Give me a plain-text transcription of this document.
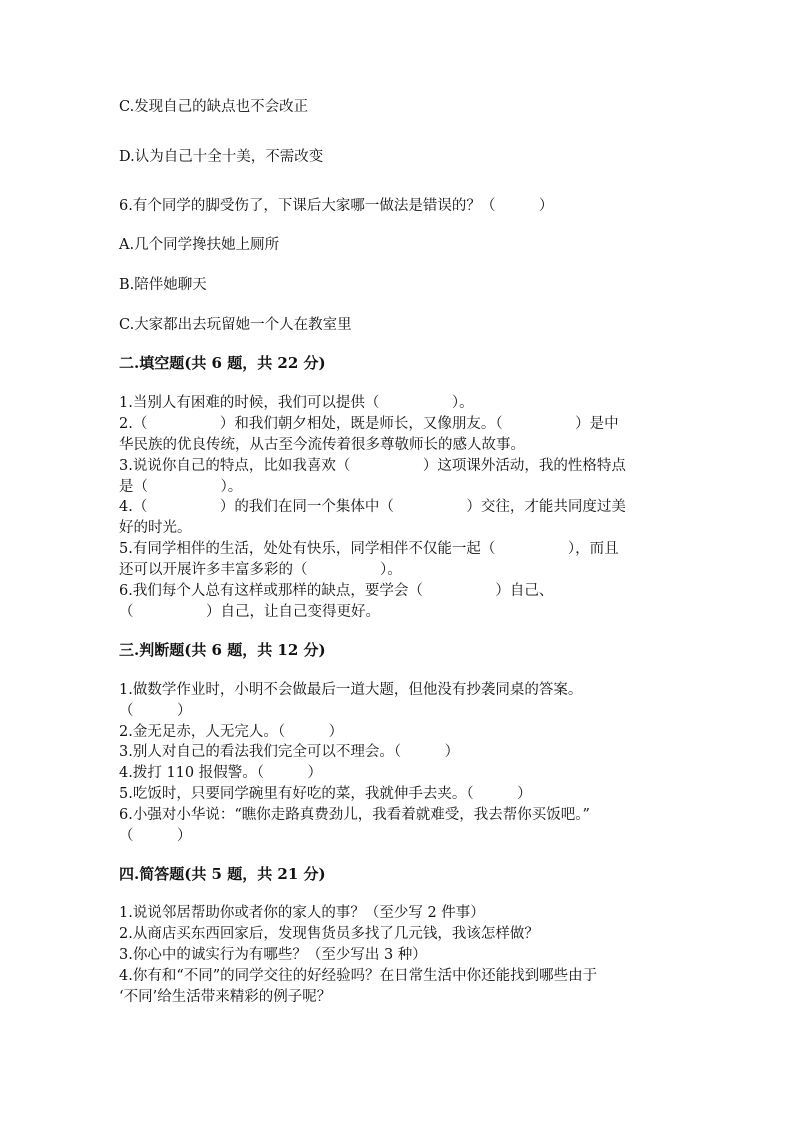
C.发现自己的缺点也不会改正
D.认为自己十全十美，不需改变
6.有个同学的脚受伤了，下课后大家哪一做法是错误的？（　　　）
A.几个同学搀扶她上厕所
B.陪伴她聊天
C.大家都出去玩留她一个人在教室里
二.填空题(共 6 题，共 22 分)
1.当别人有困难的时候，我们可以提供（　　　　　）。
2.（　　　　　）和我们朝夕相处，既是师长，又像朋友。（　　　　　）是中
华民族的优良传统，从古至今流传着很多尊敬师长的感人故事。
3.说说你自己的特点，比如我喜欢（　　　　　）这项课外活动，我的性格特点
是（　　　　　）。
4.（　　　　　）的我们在同一个集体中（　　　　　）交往，才能共同度过美
好的时光。
5.有同学相伴的生活，处处有快乐，同学相伴不仅能一起（　　　　　），而且
还可以开展许多丰富多彩的（　　　　　）。
6.我们每个人总有这样或那样的缺点，要学会（　　　　　）自己、
（　　　　　）自己，让自己变得更好。
三.判断题(共 6 题，共 12 分)
1.做数学作业时，小明不会做最后一道大题，但他没有抄袭同桌的答案。
（　　　）
2.金无足赤，人无完人。（　　　）
3.别人对自己的看法我们完全可以不理会。（　　　）
4.拨打 110 报假警。（　　　）
5.吃饭时，只要同学碗里有好吃的菜，我就伸手去夹。（　　　）
6.小强对小华说：“瞧你走路真费劲儿，我看着就难受，我去帮你买饭吧。”
（　　　）
四.简答题(共 5 题，共 21 分)
1.说说邻居帮助你或者你的家人的事？（至少写 2 件事）
2.从商店买东西回家后，发现售货员多找了几元钱，我该怎样做？
3.你心中的诚实行为有哪些？（至少写出 3 种）
4.你有和“不同”的同学交往的好经验吗？在日常生活中你还能找到哪些由于
‘不同’给生活带来精彩的例子呢？
